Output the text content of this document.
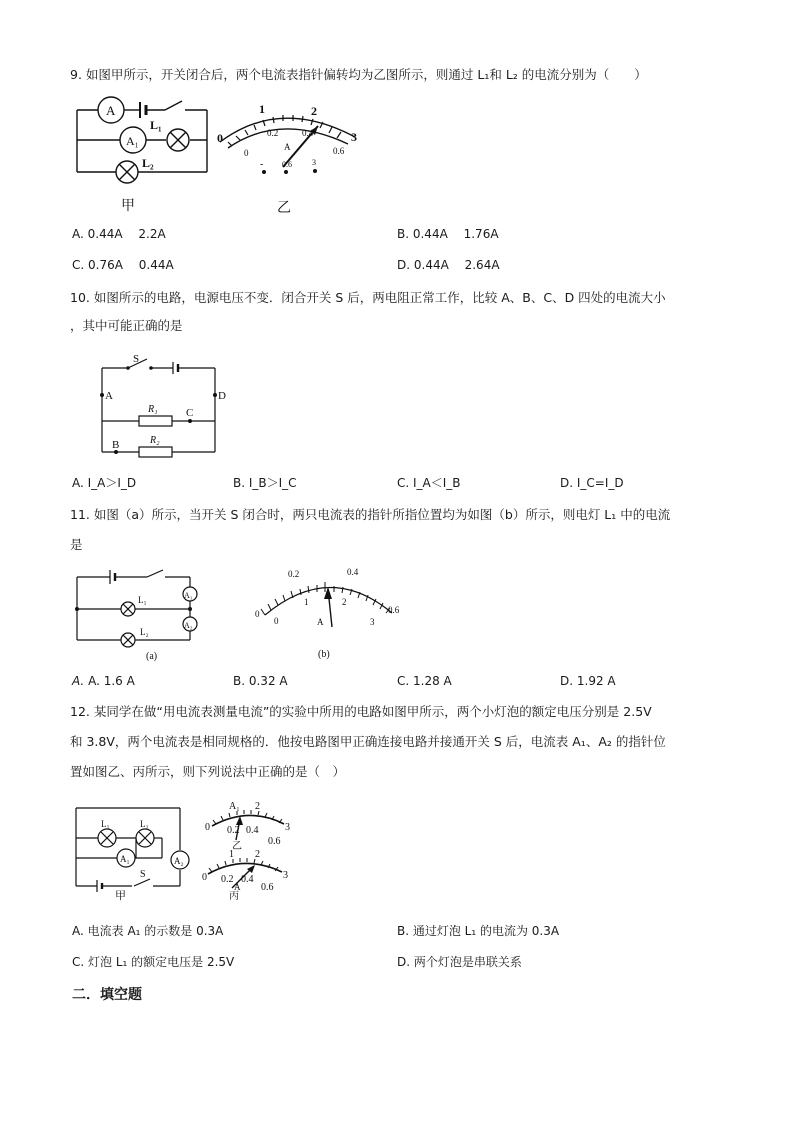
9. 如图甲所示，开关闭合后，两个电流表指针偏转均为乙图所示，则通过 L₁和 L₂ 的电流分别为（　　）
A
A₁
L₁
L₂
甲
1	2
0	3
0.2	0.4
0	0.6
A
- 0.6	3
乙
A. 0.44A　 2.2A	B. 0.44A　 1.76A
C. 0.76A　 0.44A	D. 0.44A　 2.64A
10. 如图所示的电路，电源电压不变．闭合开关 S 后，两电阻正常工作，比较 A、B、C、D 四处的电流大小
，其中可能正确的是
S
A	D
C
B
R₁
R₂
A. I_A＞I_D	B. I_B＞I_C	C. I_A＜I_B	D. I_C=I_D
11. 如图（a）所示，当开关 S 闭合时，两只电流表的指针所指位置均为如图（b）所示，则电灯 L₁ 中的电流
是
A₁
A₂
L₁
L₂
(a)
0.2	0.4
0	0.6
1	2
0	3
A
(b)
A. A. 1.6 A	B. 0.32 A	C. 1.28 A	D. 1.92 A
12. 某同学在做“用电流表测量电流”的实验中所用的电路如图甲所示，两个小灯泡的额定电压分别是 2.5V
和 3.8V，两个电流表是相同规格的．他按电路图甲正确连接电路并接通开关 S 后，电流表 A₁、A₂ 的指针位
置如图乙、丙所示，则下列说法中正确的是（　）
L₁	L₂
A₁	A₂
S
甲
A₁
0	3
0.2 0.4
0.6
2
乙
1 2
0	3
0.2 0.4
0.6
A
丙
A. 电流表 A₁ 的示数是 0.3A	B. 通过灯泡 L₁ 的电流为 0.3A
C. 灯泡 L₁ 的额定电压是 2.5V	D. 两个灯泡是串联关系
二．填空题
